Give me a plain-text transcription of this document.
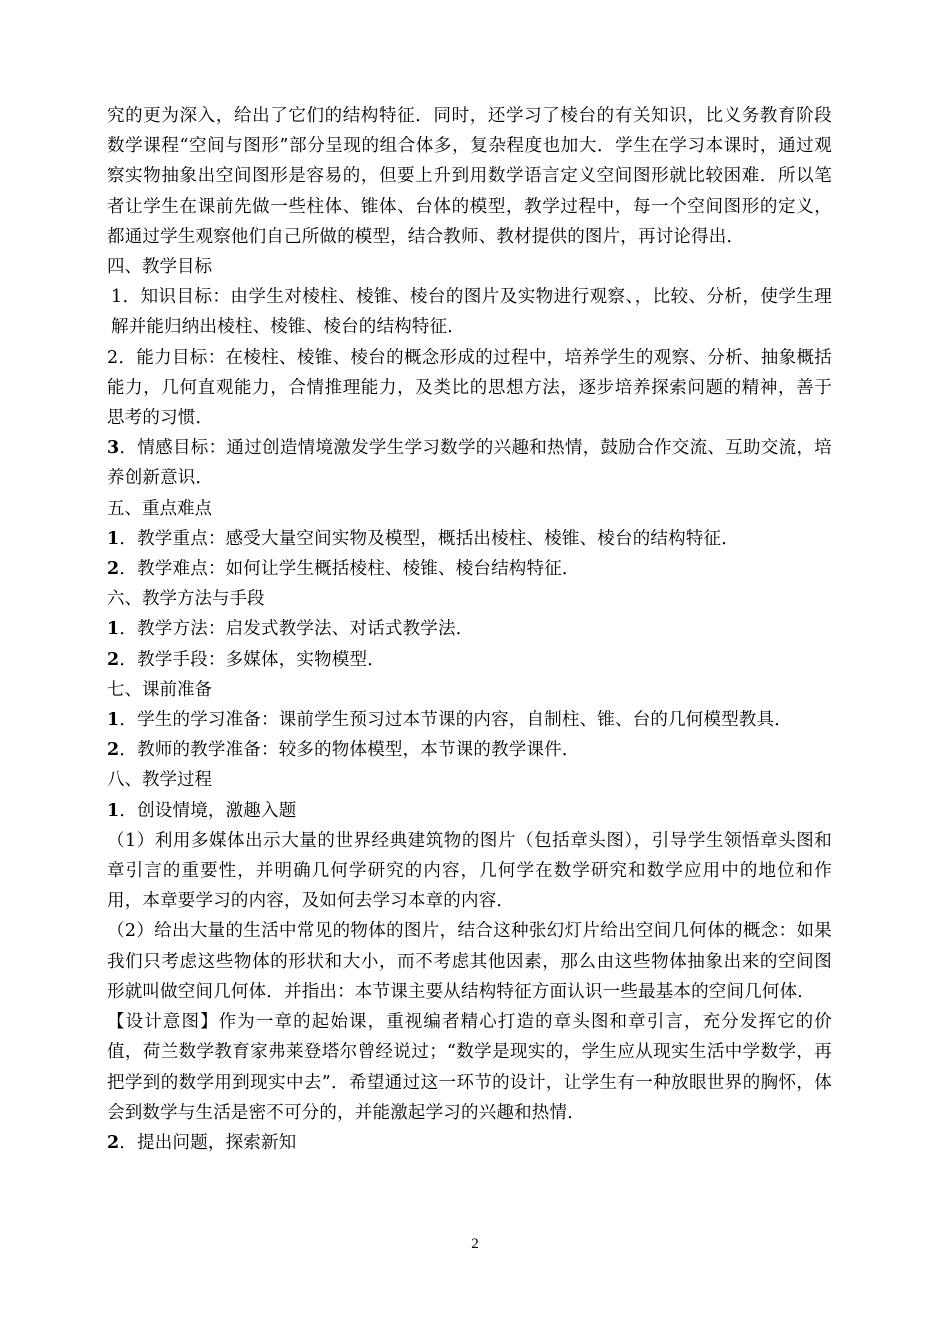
究的更为深入，给出了它们的结构特征．同时，还学习了棱台的有关知识，比义务教育阶段数学课程“空间与图形”部分呈现的组合体多，复杂程度也加大．学生在学习本课时，通过观察实物抽象出空间图形是容易的，但要上升到用数学语言定义空间图形就比较困难．所以笔者让学生在课前先做一些柱体、锥体、台体的模型，教学过程中，每一个空间图形的定义，都通过学生观察他们自己所做的模型，结合教师、教材提供的图片，再讨论得出．

四、教学目标

1．知识目标：由学生对棱柱、棱锥、棱台的图片及实物进行观察、，比较、分析，使学生理解并能归纳出棱柱、棱锥、棱台的结构特征．

2．能力目标：在棱柱、棱锥、棱台的概念形成的过程中，培养学生的观察、分析、抽象概括能力，几何直观能力，合情推理能力，及类比的思想方法，逐步培养探索问题的精神，善于思考的习惯．

3．情感目标：通过创造情境激发学生学习数学的兴趣和热情，鼓励合作交流、互助交流，培养创新意识．

五、重点难点

1．教学重点：感受大量空间实物及模型，概括出棱柱、棱锥、棱台的结构特征．

2．教学难点：如何让学生概括棱柱、棱锥、棱台结构特征．

六、教学方法与手段

1．教学方法：启发式教学法、对话式教学法．

2．教学手段：多媒体，实物模型．

七、课前准备

1．学生的学习准备：课前学生预习过本节课的内容，自制柱、锥、台的几何模型教具．

2．教师的教学准备：较多的物体模型，本节课的教学课件．

八、教学过程

1．创设情境，激趣入题

（1）利用多媒体出示大量的世界经典建筑物的图片（包括章头图），引导学生领悟章头图和章引言的重要性，并明确几何学研究的内容，几何学在数学研究和数学应用中的地位和作用，本章要学习的内容，及如何去学习本章的内容．

（2）给出大量的生活中常见的物体的图片，结合这种张幻灯片给出空间几何体的概念：如果我们只考虑这些物体的形状和大小，而不考虑其他因素，那么由这些物体抽象出来的空间图形就叫做空间几何体．并指出：本节课主要从结构特征方面认识一些最基本的空间几何体．

【设计意图】作为一章的起始课，重视编者精心打造的章头图和章引言，充分发挥它的价值，荷兰数学教育家弗莱登塔尔曾经说过；“数学是现实的，学生应从现实生活中学数学，再把学到的数学用到现实中去”．希望通过这一环节的设计，让学生有一种放眼世界的胸怀，体会到数学与生活是密不可分的，并能激起学习的兴趣和热情．

2．提出问题，探索新知

2
